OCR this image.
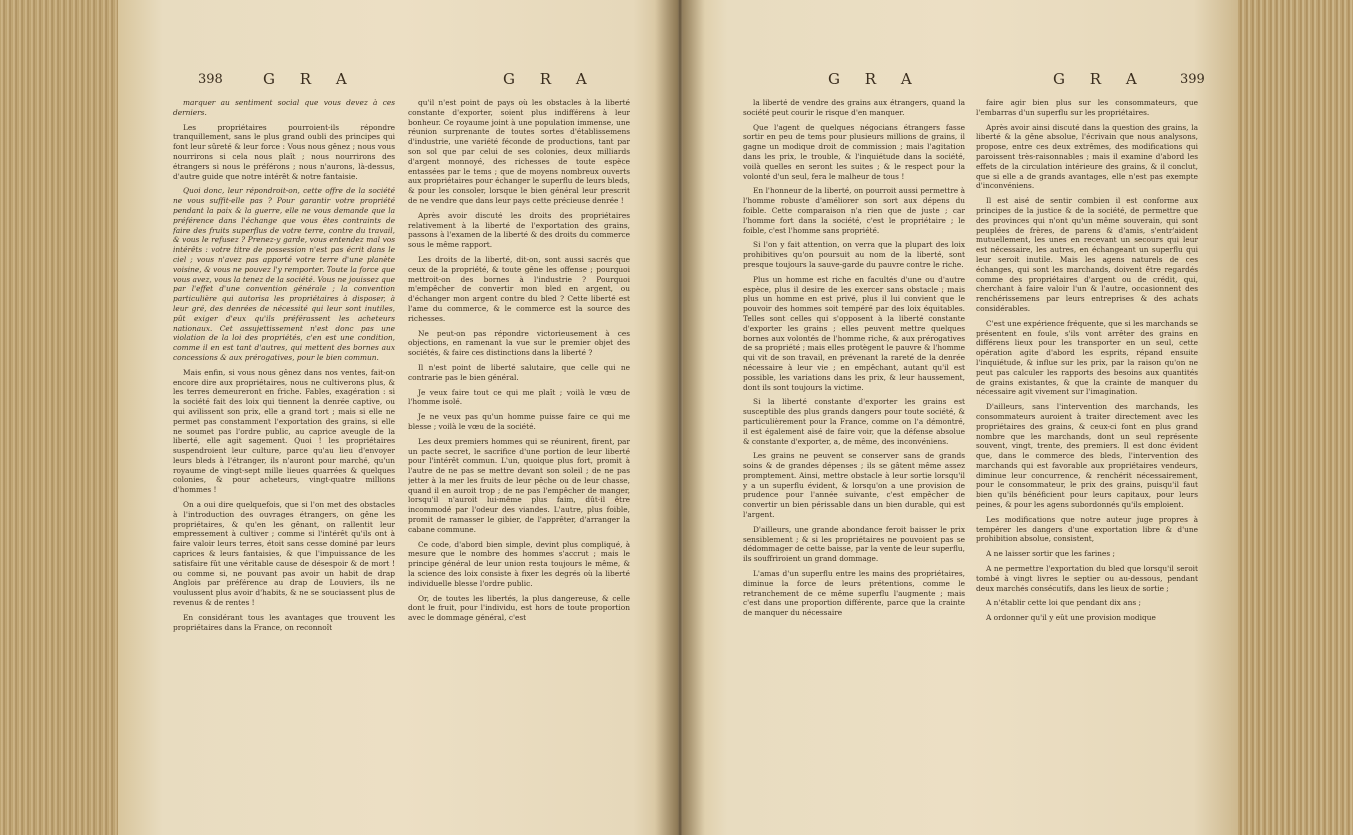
398	G R A	G R A

marquer au sentiment social que vous devez à ces derniers.

Les propriétaires pourroient-ils répondre tranquillement, sans le plus grand oubli des principes qui font leur sûreté & leur force : Vous nous gênez ; nous vous nourrirons si cela nous plaît ; nous nourrirons des étrangers si nous le préférons ; nous n'aurons, là-dessus, d'autre guide que notre intérêt & notre fantaisie.

Quoi donc, leur répondroit-on, cette offre de la société ne vous suffit-elle pas ? Pour garantir votre propriété pendant la paix & la guerre, elle ne vous demande que la préférence dans l'échange que vous êtes contraints de faire des fruits superflus de votre terre, contre du travail, & vous le refusez ? Prenez-y garde, vous entendez mal vos intérêts : votre titre de possession n'est pas écrit dans le ciel ; vous n'avez pas apporté votre terre d'une planète voisine, & vous ne pouvez l'y remporter. Toute la force que vous avez, vous la tenez de la société. Vous ne jouissez que par l'effet d'une convention générale ; la convention particulière qui autorisa les propriétaires à disposer, à leur gré, des denrées de nécessité qui leur sont inutiles, pût exiger d'eux qu'ils préférassent les acheteurs nationaux. Cet assujettissement n'est donc pas une violation de la loi des propriétés, c'en est une condition, comme il en est tant d'autres, qui mettent des bornes aux concessions & aux prérogatives, pour le bien commun.

Mais enfin, si vous nous gênez dans nos ventes, fait-on encore dire aux propriétaires, nous ne cultiverons plus, & les terres demeureront en friche. Fables, exagération : si la société fait des loix qui tiennent la denrée captive, ou qui avilissent son prix, elle a grand tort ; mais si elle ne permet pas constamment l'exportation des grains, si elle ne soumet pas l'ordre public, au caprice aveugle de la liberté, elle agit sagement. Quoi ! les propriétaires suspendroient leur culture, parce qu'au lieu d'envoyer leurs bleds à l'étranger, ils n'auront pour marché, qu'un royaume de vingt-sept mille lieues quarrées & quelques colonies, & pour acheteurs, vingt-quatre millions d'hommes !

On a oui dire quelquefois, que si l'on met des obstacles à l'introduction des ouvrages étrangers, on gêne les propriétaires, & qu'en les gênant, on rallentit leur empressement à cultiver ; comme si l'intérêt qu'ils ont à faire valoir leurs terres, étoit sans cesse dominé par leurs caprices & leurs fantaisies, & que l'impuissance de les satisfaire fût une véritable cause de désespoir & de mort ! ou comme si, ne pouvant pas avoir un habit de drap Anglois par préférence au drap de Louviers, ils ne voulussent plus avoir d'habits, & ne se souciassent plus de revenus & de rentes !

En considérant tous les avantages que trouvent les propriétaires dans la France, on reconnoît

qu'il n'est point de pays où les obstacles à la liberté constante d'exporter, soient plus indifférens à leur bonheur. Ce royaume joint à une population immense, une réunion surprenante de toutes sortes d'établissemens d'industrie, une variété féconde de productions, tant par son sol que par celui de ses colonies, deux milliards d'argent monnoyé, des richesses de toute espèce entassées par le tems ; que de moyens nombreux ouverts aux propriétaires pour échanger le superflu de leurs bleds, & pour les consoler, lorsque le bien général leur prescrit de ne vendre que dans leur pays cette précieuse denrée !

Après avoir discuté les droits des propriétaires relativement à la liberté de l'exportation des grains, passons à l'examen de la liberté & des droits du commerce sous le même rapport.

Les droits de la liberté, dit-on, sont aussi sacrés que ceux de la propriété, & toute gêne les offense ; pourquoi mettroit-on des bornes à l'industrie ? Pourquoi m'empêcher de convertir mon bled en argent, ou d'échanger mon argent contre du bled ? Cette liberté est l'ame du commerce, & le commerce est la source des richesses.

Ne peut-on pas répondre victorieusement à ces objections, en ramenant la vue sur le premier objet des sociétés, & faire ces distinctions dans la liberté ?

Il n'est point de liberté salutaire, que celle qui ne contrarie pas le bien général.

Je veux faire tout ce qui me plaît ; voilà le vœu de l'homme isolé.

Je ne veux pas qu'un homme puisse faire ce qui me blesse ; voilà le vœu de la société.

Les deux premiers hommes qui se réunirent, firent, par un pacte secret, le sacrifice d'une portion de leur liberté pour l'intérêt commun. L'un, quoique plus fort, promit à l'autre de ne pas se mettre devant son soleil ; de ne pas jetter à la mer les fruits de leur pêche ou de leur chasse, quand il en auroit trop ; de ne pas l'empêcher de manger, lorsqu'il n'auroit lui-même plus faim, dût-il être incommodé par l'odeur des viandes. L'autre, plus foible, promit de ramasser le gibier, de l'apprêter, d'arranger la cabane commune.

Ce code, d'abord bien simple, devint plus compliqué, à mesure que le nombre des hommes s'accrut ; mais le principe général de leur union resta toujours le même, & la science des loix consiste à fixer les degrés où la liberté individuelle blesse l'ordre public.

Or, de toutes les libertés, la plus dangereuse, & celle dont le fruit, pour l'individu, est hors de toute proportion avec le dommage général, c'est

G R A	G R A	399

la liberté de vendre des grains aux étrangers, quand la société peut courir le risque d'en manquer.

Que l'agent de quelques négocians étrangers fasse sortir en peu de tems pour plusieurs millions de grains, il gagne un modique droit de commission ; mais l'agitation dans les prix, le trouble, & l'inquiétude dans la société, voilà quelles en seront les suites ; & le respect pour la volonté d'un seul, fera le malheur de tous !

En l'honneur de la liberté, on pourroit aussi permettre à l'homme robuste d'améliorer son sort aux dépens du foible. Cette comparaison n'a rien que de juste ; car l'homme fort dans la société, c'est le propriétaire ; le foible, c'est l'homme sans propriété.

Si l'on y fait attention, on verra que la plupart des loix prohibitives qu'on poursuit au nom de la liberté, sont presque toujours la sauve-garde du pauvre contre le riche.

Plus un homme est riche en facultés d'une ou d'autre espèce, plus il desire de les exercer sans obstacle ; mais plus un homme en est privé, plus il lui convient que le pouvoir des hommes soit tempéré par des loix équitables. Telles sont celles qui s'opposent à la liberté constante d'exporter les grains ; elles peuvent mettre quelques bornes aux volontés de l'homme riche, & aux prérogatives de sa propriété ; mais elles protègent le pauvre & l'homme qui vit de son travail, en prévenant la rareté de la denrée nécessaire à leur vie ; en empêchant, autant qu'il est possible, les variations dans les prix, & leur haussement, dont ils sont toujours la victime.

Si la liberté constante d'exporter les grains est susceptible des plus grands dangers pour toute société, & particulièrement pour la France, comme on l'a démontré, il est également aisé de faire voir, que la défense absolue & constante d'exporter, a, de même, des inconvéniens.

Les grains ne peuvent se conserver sans de grands soins & de grandes dépenses ; ils se gâtent même assez promptement. Ainsi, mettre obstacle à leur sortie lorsqu'il y a un superflu évident, & lorsqu'on a une provision de prudence pour l'année suivante, c'est empêcher de convertir un bien périssable dans un bien durable, qui est l'argent.

D'ailleurs, une grande abondance feroit baisser le prix sensiblement ; & si les propriétaires ne pouvoient pas se dédommager de cette baisse, par la vente de leur superflu, ils souffriroient un grand dommage.

L'amas d'un superflu entre les mains des propriétaires, diminue la force de leurs prétentions, comme le retranchement de ce même superflu l'augmente ; mais c'est dans une proportion différente, parce que la crainte de manquer du nécessaire

faire agir bien plus sur les consommateurs, que l'embarras d'un superflu sur les propriétaires.

Après avoir ainsi discuté dans la question des grains, la liberté & la gêne absolue, l'écrivain que nous analysons, propose, entre ces deux extrêmes, des modifications qui paroissent très-raisonnables ; mais il examine d'abord les effets de la circulation intérieure des grains, & il conclut, que si elle a de grands avantages, elle n'est pas exempte d'inconvéniens.

Il est aisé de sentir combien il est conforme aux principes de la justice & de la société, de permettre que des provinces qui n'ont qu'un même souverain, qui sont peuplées de frères, de parens & d'amis, s'entr'aident mutuellement, les unes en recevant un secours qui leur est nécessaire, les autres, en échangeant un superflu qui leur seroit inutile. Mais les agens naturels de ces échanges, qui sont les marchands, doivent être regardés comme des propriétaires d'argent ou de crédit, qui, cherchant à faire valoir l'un & l'autre, occasionnent des renchérissemens par leurs entreprises & des achats considérables.

C'est une expérience fréquente, que si les marchands se présentent en foule, s'ils vont arrêter des grains en différens lieux pour les transporter en un seul, cette opération agite d'abord les esprits, répand ensuite l'inquiétude, & influe sur les prix, par la raison qu'on ne peut pas calculer les rapports des besoins aux quantités de grains existantes, & que la crainte de manquer du nécessaire agit vivement sur l'imagination.

D'ailleurs, sans l'intervention des marchands, les consommateurs auroient à traiter directement avec les propriétaires des grains, & ceux-ci font en plus grand nombre que les marchands, dont un seul représente souvent, vingt, trente, des premiers. Il est donc évident que, dans le commerce des bleds, l'intervention des marchands qui est favorable aux propriétaires vendeurs, diminue leur concurrence, & renchérit nécessairement, pour le consommateur, le prix des grains, puisqu'il faut bien qu'ils bénéficient pour leurs capitaux, pour leurs peines, & pour les agens subordonnés qu'ils emploient.

Les modifications que notre auteur juge propres à tempérer les dangers d'une exportation libre & d'une prohibition absolue, consistent,

A ne laisser sortir que les farines ;

A ne permettre l'exportation du bled que lorsqu'il seroit tombé à vingt livres le septier ou au-dessous, pendant deux marchés consécutifs, dans les lieux de sortie ;

A n'établir cette loi que pendant dix ans ;

A ordonner qu'il y eût une provision modique
